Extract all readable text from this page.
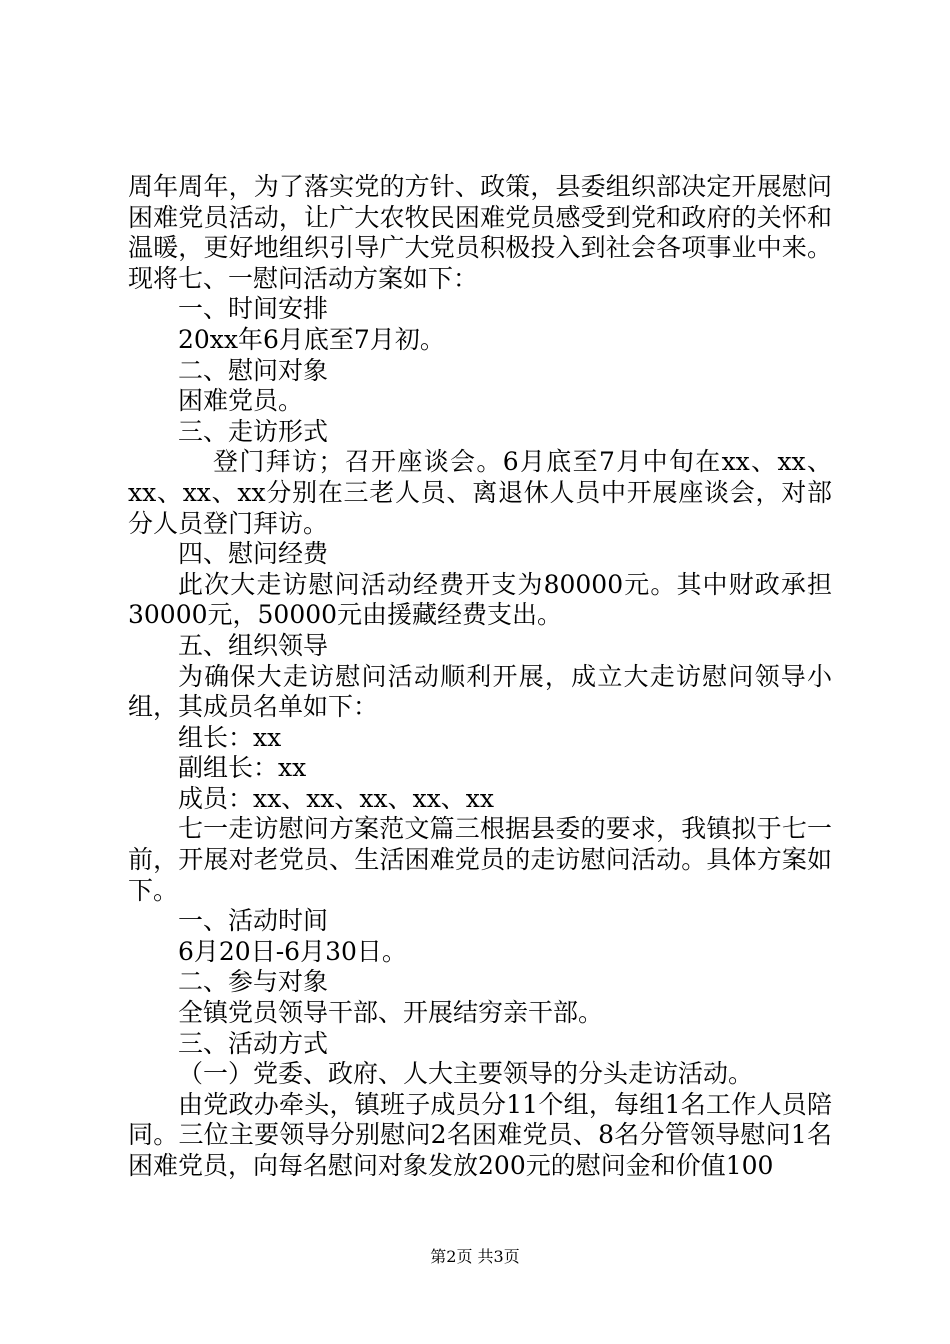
周年周年，为了落实党的方针、政策，县委组织部决定开展慰问困难党员活动，让广大农牧民困难党员感受到党和政府的关怀和温暖，更好地组织引导广大党员积极投入到社会各项事业中来。现将七、一慰问活动方案如下：

一、时间安排

20xx年6月底至7月初。

二、慰问对象

困难党员。

三、走访形式

登门拜访；召开座谈会。6月底至7月中旬在xx、xx、xx、xx、xx分别在三老人员、离退休人员中开展座谈会，对部分人员登门拜访。

四、慰问经费

此次大走访慰问活动经费开支为80000元。其中财政承担30000元，50000元由援藏经费支出。

五、组织领导

为确保大走访慰问活动顺利开展，成立大走访慰问领导小组，其成员名单如下：

组长：xx

副组长：xx

成员：xx、xx、xx、xx、xx

七一走访慰问方案范文篇三根据县委的要求，我镇拟于七一前，开展对老党员、生活困难党员的走访慰问活动。具体方案如下。

一、活动时间

6月20日-6月30日。

二、参与对象

全镇党员领导干部、开展结穷亲干部。

三、活动方式

（一）党委、政府、人大主要领导的分头走访活动。

由党政办牵头，镇班子成员分11个组，每组1名工作人员陪同。三位主要领导分别慰问2名困难党员、8名分管领导慰问1名困难党员，向每名慰问对象发放200元的慰问金和价值100

第2页 共3页
